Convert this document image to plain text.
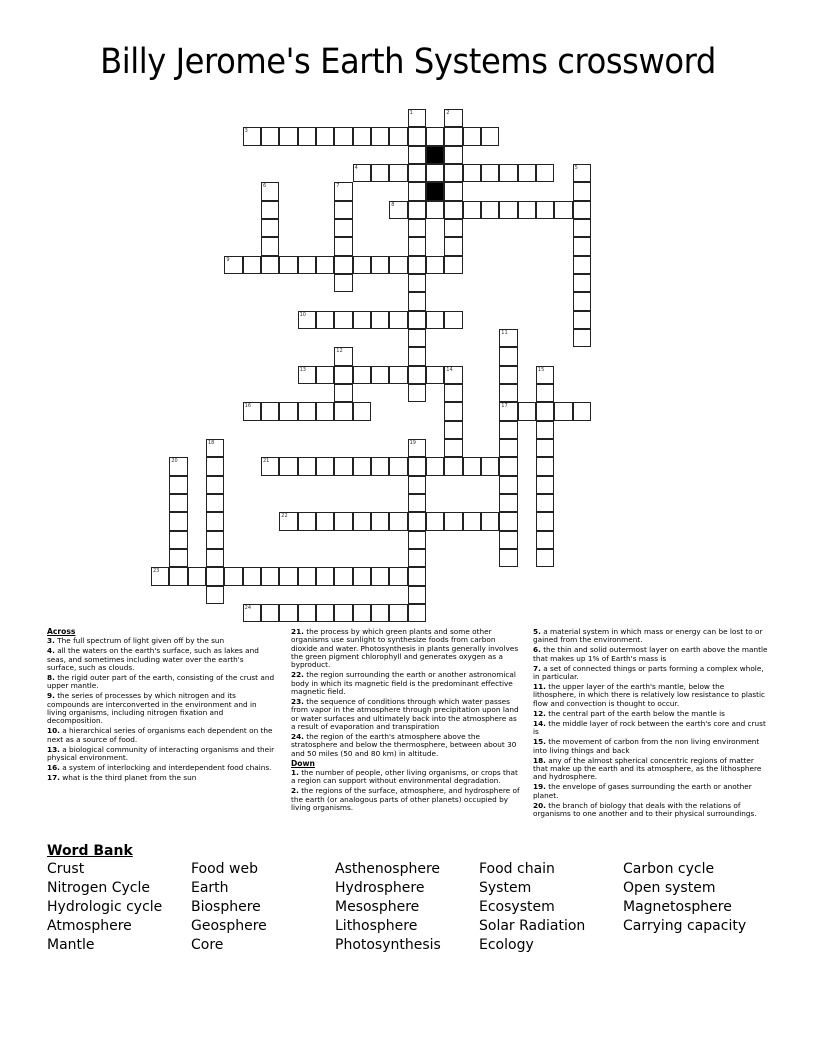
Billy Jerome's Earth Systems crossword
1	2
3
4	5
6	7
8
9
10
11
17
12
13	14	15
16
18	19
20	21
22
23
24
Across
3. The full spectrum of light given off by the sun
4. all the waters on the earth's surface, such as lakes and seas, and sometimes including water over the earth's surface, such as clouds.
8. the rigid outer part of the earth, consisting of the crust and upper mantle.
9. the series of processes by which nitrogen and its compounds are interconverted in the environment and in living organisms, including nitrogen fixation and decomposition.
10. a hierarchical series of organisms each dependent on the next as a source of food.
13. a biological community of interacting organisms and their physical environment.
16. a system of interlocking and interdependent food chains.
17. what is the third planet from the sun
21. the process by which green plants and some other organisms use sunlight to synthesize foods from carbon dioxide and water. Photosynthesis in plants generally involves the green pigment chlorophyll and generates oxygen as a byproduct.
22. the region surrounding the earth or another astronomical body in which its magnetic field is the predominant effective magnetic field.
23. the sequence of conditions through which water passes from vapor in the atmosphere through precipitation upon land or water surfaces and ultimately back into the atmosphere as a result of evaporation and transpiration
24. the region of the earth's atmosphere above the stratosphere and below the thermosphere, between about 30 and 50 miles (50 and 80 km) in altitude.
Down
1. the number of people, other living organisms, or crops that a region can support without environmental degradation.
2. the regions of the surface, atmosphere, and hydrosphere of the earth (or analogous parts of other planets) occupied by living organisms.
5. a material system in which mass or energy can be lost to or gained from the environment.
6. the thin and solid outermost layer on earth above the mantle that makes up 1% of Earth's mass is
7. a set of connected things or parts forming a complex whole, in particular.
11. the upper layer of the earth's mantle, below the lithosphere, in which there is relatively low resistance to plastic flow and convection is thought to occur.
12. the central part of the earth below the mantle is
14. the middle layer of rock between the earth's core and crust is
15. the movement of carbon from the non living environment into living things and back
18. any of the almost spherical concentric regions of matter that make up the earth and its atmosphere, as the lithosphere and hydrosphere.
19. the envelope of gases surrounding the earth or another planet.
20. the branch of biology that deals with the relations of organisms to one another and to their physical surroundings.
Word Bank
Crust
Nitrogen Cycle
Hydrologic cycle
Atmosphere
Mantle
Food web
Earth
Biosphere
Geosphere
Core
Asthenosphere
Hydrosphere
Mesosphere
Lithosphere
Photosynthesis
Food chain
System
Ecosystem
Solar Radiation
Ecology
Carbon cycle
Open system
Magnetosphere
Carrying capacity
